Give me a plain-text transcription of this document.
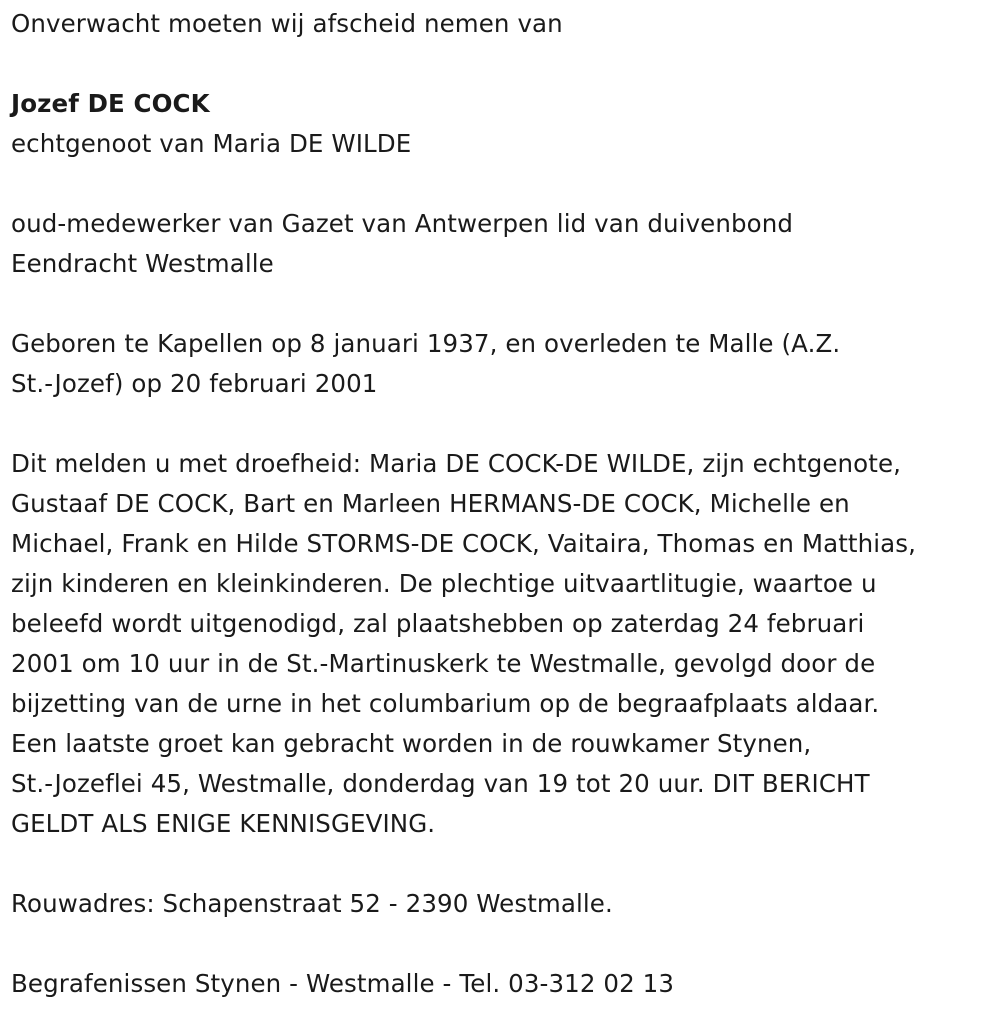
Onverwacht moeten wij afscheid nemen van
Jozef DE COCK
echtgenoot van Maria DE WILDE
oud-medewerker van Gazet van Antwerpen lid van duivenbond
Eendracht Westmalle
Geboren te Kapellen op 8 januari 1937, en overleden te Malle (A.Z.
St.-Jozef) op 20 februari 2001
Dit melden u met droefheid: Maria DE COCK-DE WILDE, zijn echtgenote,
Gustaaf DE COCK, Bart en Marleen HERMANS-DE COCK, Michelle en
Michael, Frank en Hilde STORMS-DE COCK, Vaitaira, Thomas en Matthias,
zijn kinderen en kleinkinderen. De plechtige uitvaartlitugie, waartoe u
beleefd wordt uitgenodigd, zal plaatshebben op zaterdag 24 februari
2001 om 10 uur in de St.-Martinuskerk te Westmalle, gevolgd door de
bijzetting van de urne in het columbarium op de begraafplaats aldaar.
Een laatste groet kan gebracht worden in de rouwkamer Stynen,
St.-Jozeflei 45, Westmalle, donderdag van 19 tot 20 uur. DIT BERICHT
GELDT ALS ENIGE KENNISGEVING.
Rouwadres: Schapenstraat 52 - 2390 Westmalle.
Begrafenissen Stynen - Westmalle - Tel. 03-312 02 13
